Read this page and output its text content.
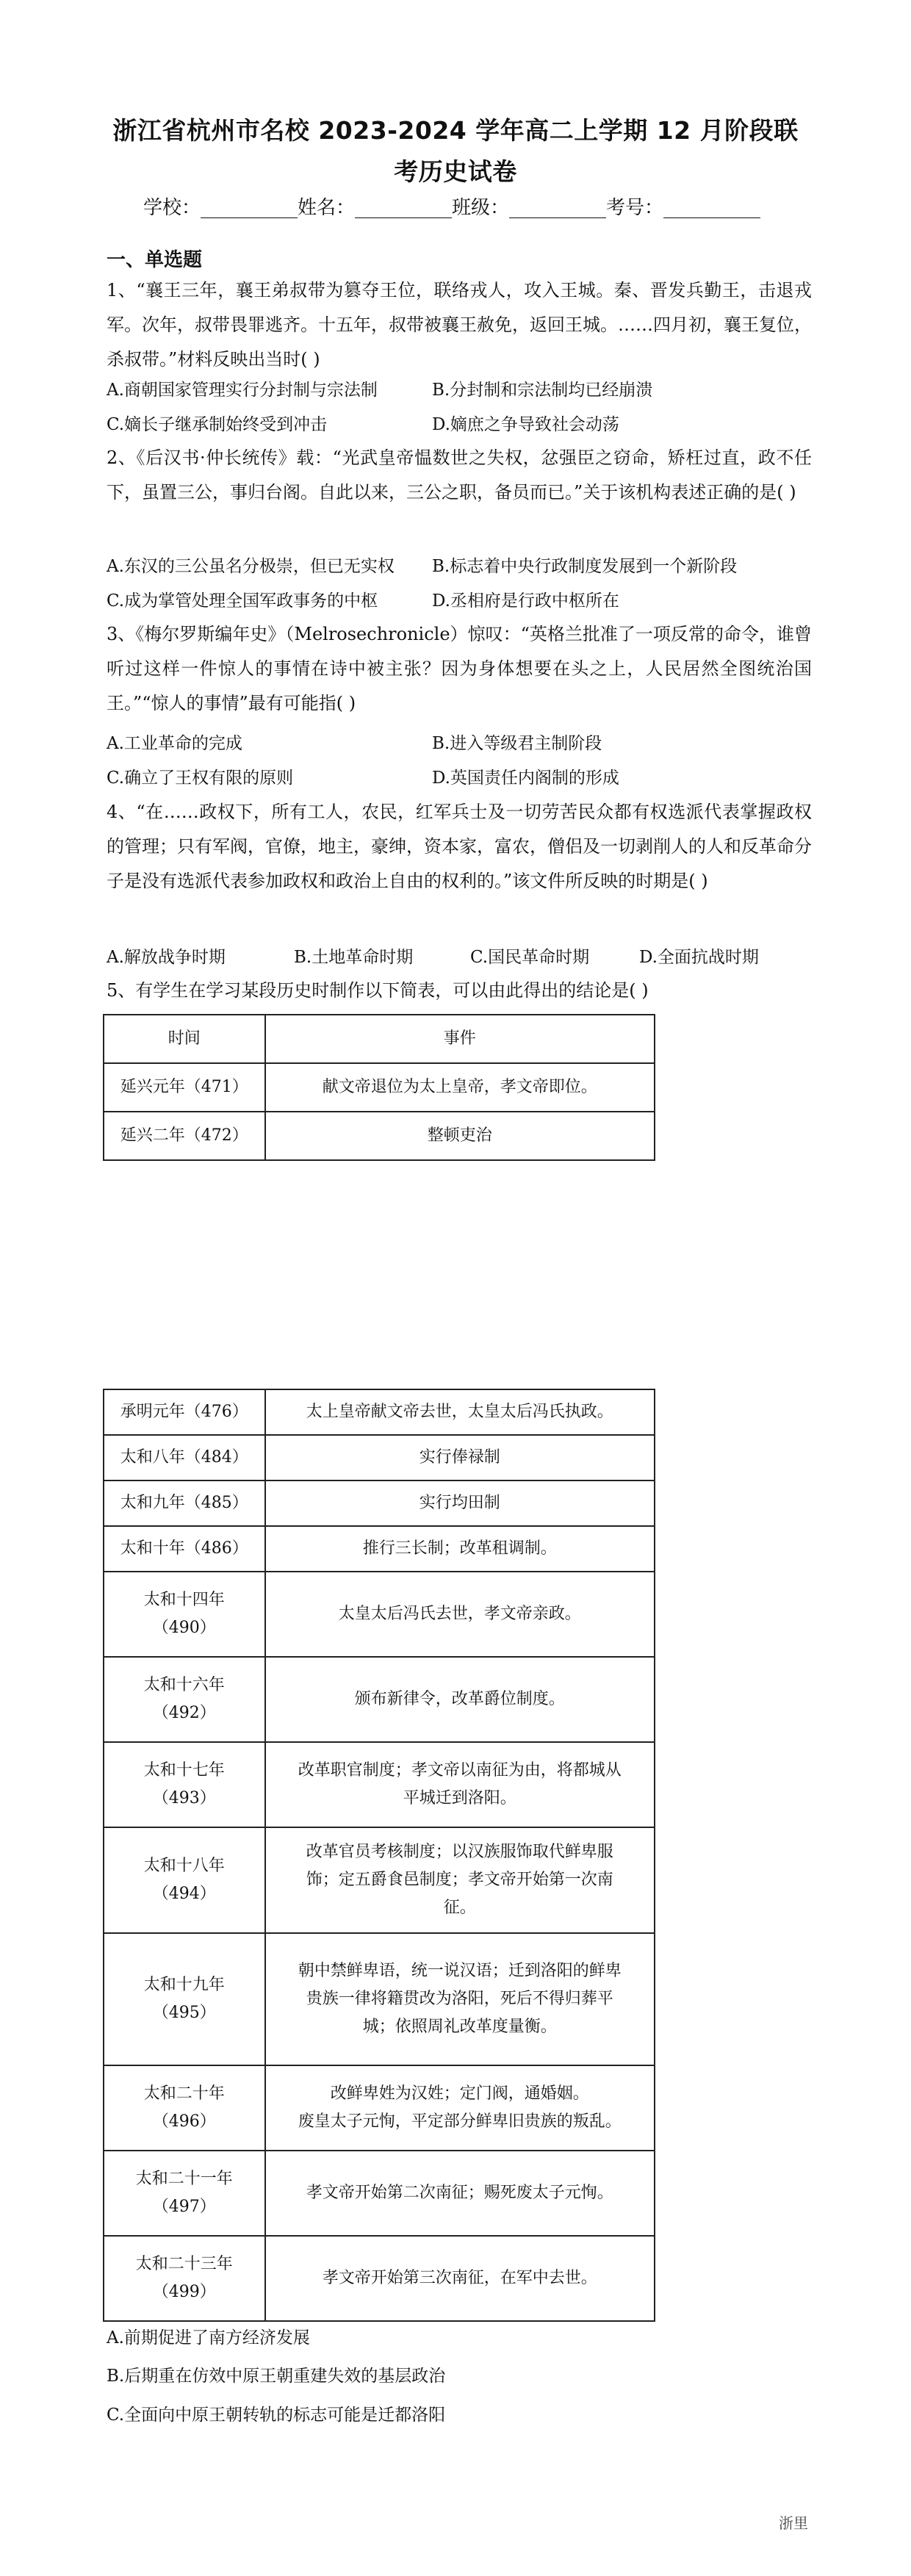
浙江省杭州市名校 2023-2024 学年高二上学期 12 月阶段联考历史试卷
学校：	姓名：	班级：	考号：
一、单选题

1、“襄王三年，襄王弟叔带为篡夺王位，联络戎人，攻入王城。秦、晋发兵勤王，击退戎军。次年，叔带畏罪逃齐。十五年，叔带被襄王赦免，返回王城。……四月初，襄王复位，杀叔带。”材料反映出当时( )

A.商朝国家管理实行分封制与宗法制	B.分封制和宗法制均已经崩溃
C.嫡长子继承制始终受到冲击	D.嫡庶之争导致社会动荡

2、《后汉书·仲长统传》载：“光武皇帝愠数世之失权，忿强臣之窃命，矫枉过直，政不任下，虽置三公，事归台阁。自此以来，三公之职，备员而已。”关于该机构表述正确的是( )

A.东汉的三公虽名分极崇，但已无实权 B.标志着中央行政制度发展到一个新阶段
C.成为掌管处理全国军政事务的中枢	D.丞相府是行政中枢所在

3、《梅尔罗斯编年史》（Melrosechronicle）惊叹：“英格兰批准了一项反常的命令，谁曾听过这样一件惊人的事情在诗中被主张？因为身体想要在头之上，人民居然全图统治国王。”“惊人的事情”最有可能指( )

A.工业革命的完成	B.进入等级君主制阶段
C.确立了王权有限的原则	D.英国责任内阁制的形成

4、“在……政权下，所有工人，农民，红军兵士及一切劳苦民众都有权选派代表掌握政权的管理；只有军阀，官僚，地主，豪绅，资本家，富农，僧侣及一切剥削人的人和反革命分子是没有选派代表参加政权和政治上自由的权利的。”该文件所反映的时期是( )

A.解放战争时期	B.土地革命时期	C.国民革命时期	D.全面抗战时期

5、有学生在学习某段历史时制作以下简表，可以由此得出的结论是( )

时间	事件
延兴元年（471）	献文帝退位为太上皇帝，孝文帝即位。
延兴二年（472）	整顿吏治
承明元年（476）	太上皇帝献文帝去世，太皇太后冯氏执政。
太和八年（484）	实行俸禄制
太和九年（485）	实行均田制
太和十年（486）	推行三长制；改革租调制。
太和十四年
（490）	太皇太后冯氏去世，孝文帝亲政。
太和十六年
（492）	颁布新律令，改革爵位制度。
太和十七年
（493）	改革职官制度；孝文帝以南征为由，将都城从
平城迁到洛阳。
太和十八年
（494）	改革官员考核制度；以汉族服饰取代鲜卑服
饰；定五爵食邑制度；孝文帝开始第一次南
征。
太和十九年
（495）	朝中禁鲜卑语，统一说汉语；迁到洛阳的鲜卑
贵族一律将籍贯改为洛阳，死后不得归葬平
城；依照周礼改革度量衡。
太和二十年
（496）	改鲜卑姓为汉姓；定门阀，通婚姻。
废皇太子元恂，平定部分鲜卑旧贵族的叛乱。
太和二十一年
（497）	孝文帝开始第二次南征；赐死废太子元恂。
太和二十三年
（499）	孝文帝开始第三次南征，在军中去世。
A.前期促进了南方经济发展
B.后期重在仿效中原王朝重建失效的基层政治
C.全面向中原王朝转轨的标志可能是迁都洛阳
浙里
